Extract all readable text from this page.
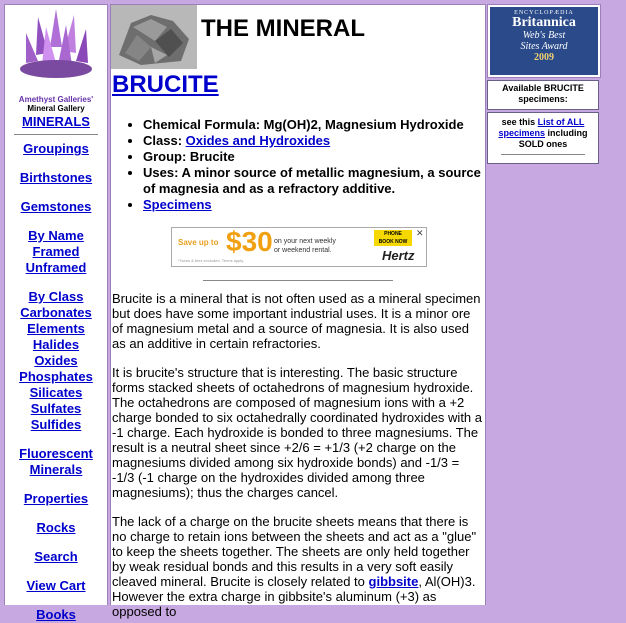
Amethyst Galleries'
Mineral Gallery
MINERALS
Groupings
Birthstones
Gemstones
By Name
Framed
Unframed
By Class
Carbonates
Elements
Halides
Oxides
Phosphates
Silicates
Sulfates
Sulfides
Fluorescent
Minerals
Properties
Rocks
Search
View Cart
Books
THE MINERAL
BRUCITE
• Chemical Formula: Mg(OH)2, Magnesium Hydroxide
• Class: Oxides and Hydroxides
• Group: Brucite
• Uses: A minor source of metallic magnesium, a source of magnesia and as a refractory additive.
• Specimens
Save up to $30 on your next weekly
or weekend rental.
*Taxes & fees excluded. Terms apply.
PHONE
BOOK NOW
✕
Hertz

Brucite is a mineral that is not often used as a mineral specimen but does have some important industrial uses. It is a minor ore of magnesium metal and a source of magnesia. It is also used as an additive in certain refractories.

It is brucite's structure that is interesting. The basic structure forms stacked sheets of octahedrons of magnesium hydroxide. The octahedrons are composed of magnesium ions with a +2 charge bonded to six octahedrally coordinated hydroxides with a -1 charge. Each hydroxide is bonded to three magnesiums. The result is a neutral sheet since +2/6 = +1/3 (+2 charge on the magnesiums divided among six hydroxide bonds) and -1/3 = -1/3 (-1 charge on the hydroxides divided among three magnesiums); thus the charges cancel.

The lack of a charge on the brucite sheets means that there is no charge to retain ions between the sheets and act as a "glue" to keep the sheets together. The sheets are only held together by weak residual bonds and this results in a very soft easily cleaved mineral. Brucite is closely related to gibbsite, Al(OH)3. However the extra charge in gibbsite's aluminum (+3) as opposed to

ENCYCLOPÆDIA
Britannica
Web's Best
Sites Award
2009
Available BRUCITE specimens:
see this List of ALL specimens including SOLD ones
